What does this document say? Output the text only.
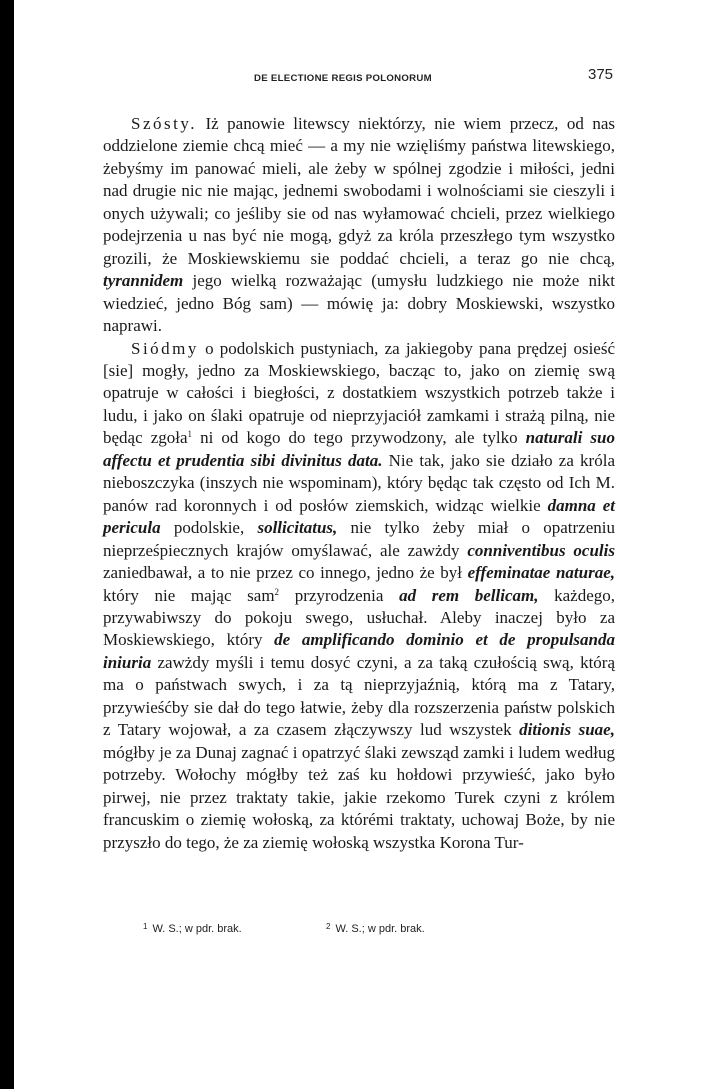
DE ELECTIONE REGIS POLONORUM	375

Szósty. Iż panowie litewscy niektórzy, nie wiem przecz, od nas oddzielone ziemie chcą mieć — a my nie wzięliśmy państwa litewskiego, żebyśmy im panować mieli, ale żeby w spólnej zgodzie i miłości, jedni nad drugie nic nie mając, jednemi swobodami i wolnościami sie cieszyli i onych używali; co jeśliby sie od nas wyłamować chcieli, przez wielkiego podejrzenia u nas być nie mogą, gdyż za króla przeszłego tym wszystko grozili, że Moskiewskiemu sie poddać chcieli, a teraz go nie chcą, tyrannidem jego wielką rozważając (umysłu ludzkiego nie może nikt wiedzieć, jedno Bóg sam) — mówię ja: dobry Moskiewski, wszystko naprawi.

Siódmy o podolskich pustyniach, za jakiegoby pana prędzej osieść [sie] mogły, jedno za Moskiewskiego, bacząc to, jako on ziemię swą opatruje w całości i biegłości, z dostatkiem wszystkich potrzeb także i ludu, i jako on ślaki opatruje od nieprzyjaciół zamkami i strażą pilną, nie będąc zgoła$^1$ ni od kogo do tego przywodzony, ale tylko naturali suo affectu et prudentia sibi divinitus data. Nie tak, jako sie działo za króla nieboszczyka (inszych nie wspominam), który będąc tak często od Ich M. panów rad koronnych i od posłów ziemskich, widząc wielkie damna et pericula podolskie, sollicitatus, nie tylko żeby miał o opatrzeniu nieprześpiecznych krajów omyślawać, ale zawżdy conniventibus oculis zaniedbawał, a to nie przez co innego, jedno że był effeminatae naturae, który nie mając sam$^2$ przyrodzenia ad rem bellicam, każdego, przywabiwszy do pokoju swego, usłuchał. Aleby inaczej było za Moskiewskiego, który de amplificando dominio et de propulsanda iniuria zawżdy myśli i temu dosyć czyni, a za taką czułością swą, którą ma o państwach swych, i za tą nieprzyjaźnią, którą ma z Tatary, przywieśćby sie dał do tego łatwie, żeby dla rozszerzenia państw polskich z Tatary wojował, a za czasem złączywszy lud wszystek ditionis suae, mógłby je za Dunaj zagnać i opatrzyć ślaki zewsząd zamki i ludem według potrzeby. Wołochy mógłby też zaś ku hołdowi przywieść, jako było pirwej, nie przez traktaty takie, jakie rzekomo Turek czyni z królem francuskim o ziemię wołoską, za którémi traktaty, uchowaj Boże, by nie przyszło do tego, że za ziemię wołoską wszystka Korona Tur-

$^1$ W. S.; w pdr. brak.	$^2$ W. S.; w pdr. brak.
